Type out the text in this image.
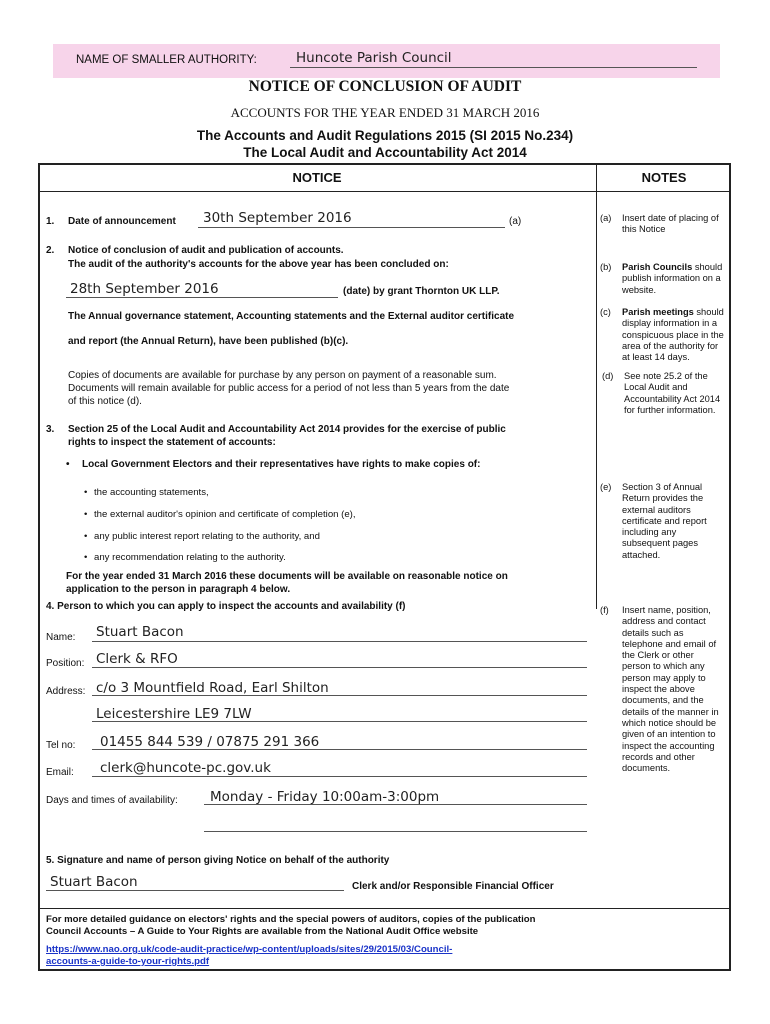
NAME OF SMALLER AUTHORITY:	Huncote Parish Council
NOTICE OF CONCLUSION OF AUDIT
ACCOUNTS FOR THE YEAR ENDED 31 MARCH 2016
The Accounts and Audit Regulations 2015 (SI 2015 No.234)
The Local Audit and Accountability Act 2014
NOTICE	NOTES
1. Date of announcement 30th September 2016	(a)
2. Notice of conclusion of audit and publication of accounts.
The audit of the authority's accounts for the above year has been concluded on:
28th September 2016	(date) by grant Thornton UK LLP.
The Annual governance statement, Accounting statements and the External auditor certificate
and report (the Annual Return), have been published (b)(c).
Copies of documents are available for purchase by any person on payment of a reasonable sum.
Documents will remain available for public access for a period of not less than 5 years from the date
of this notice (d).
3. Section 25 of the Local Audit and Accountability Act 2014 provides for the exercise of public
rights to inspect the statement of accounts:
• Local Government Electors and their representatives have rights to make copies of:
• the accounting statements,
• the external auditor's opinion and certificate of completion (e),
• any public interest report relating to the authority, and
• any recommendation relating to the authority.
For the year ended 31 March 2016 these documents will be available on reasonable notice on
application to the person in paragraph 4 below.
4. Person to which you can apply to inspect the accounts and availability (f)
Name: Stuart Bacon
Position: Clerk & RFO
Address: c/o 3 Mountfield Road, Earl Shilton
Leicestershire LE9 7LW
Tel no: 01455 844 539 / 07875 291 366
Email: clerk@huncote-pc.gov.uk
Days and times of availability: Monday - Friday 10:00am-3:00pm
5. Signature and name of person giving Notice on behalf of the authority
Stuart Bacon	Clerk and/or Responsible Financial Officer
For more detailed guidance on electors' rights and the special powers of auditors, copies of the publication
Council Accounts – A Guide to Your Rights are available from the National Audit Office website
https://www.nao.org.uk/code-audit-practice/wp-content/uploads/sites/29/2015/03/Council-
accounts-a-guide-to-your-rights.pdf
(a) Insert date of placing of
this Notice
(b) Parish Councils should
publish information on a
website.
(c) Parish meetings should
display information in a
conspicuous place in the
area of the authority for
at least 14 days.
(d) See note 25.2 of the
Local Audit and
Accountability Act 2014
for further information.
(e) Section 3 of Annual
Return provides the
external auditors
certificate and report
including any
subsequent pages
attached.
(f) Insert name, position,
address and contact
details such as
telephone and email of
the Clerk or other
person to which any
person may apply to
inspect the above
documents, and the
details of the manner in
which notice should be
given of an intention to
inspect the accounting
records and other
documents.
